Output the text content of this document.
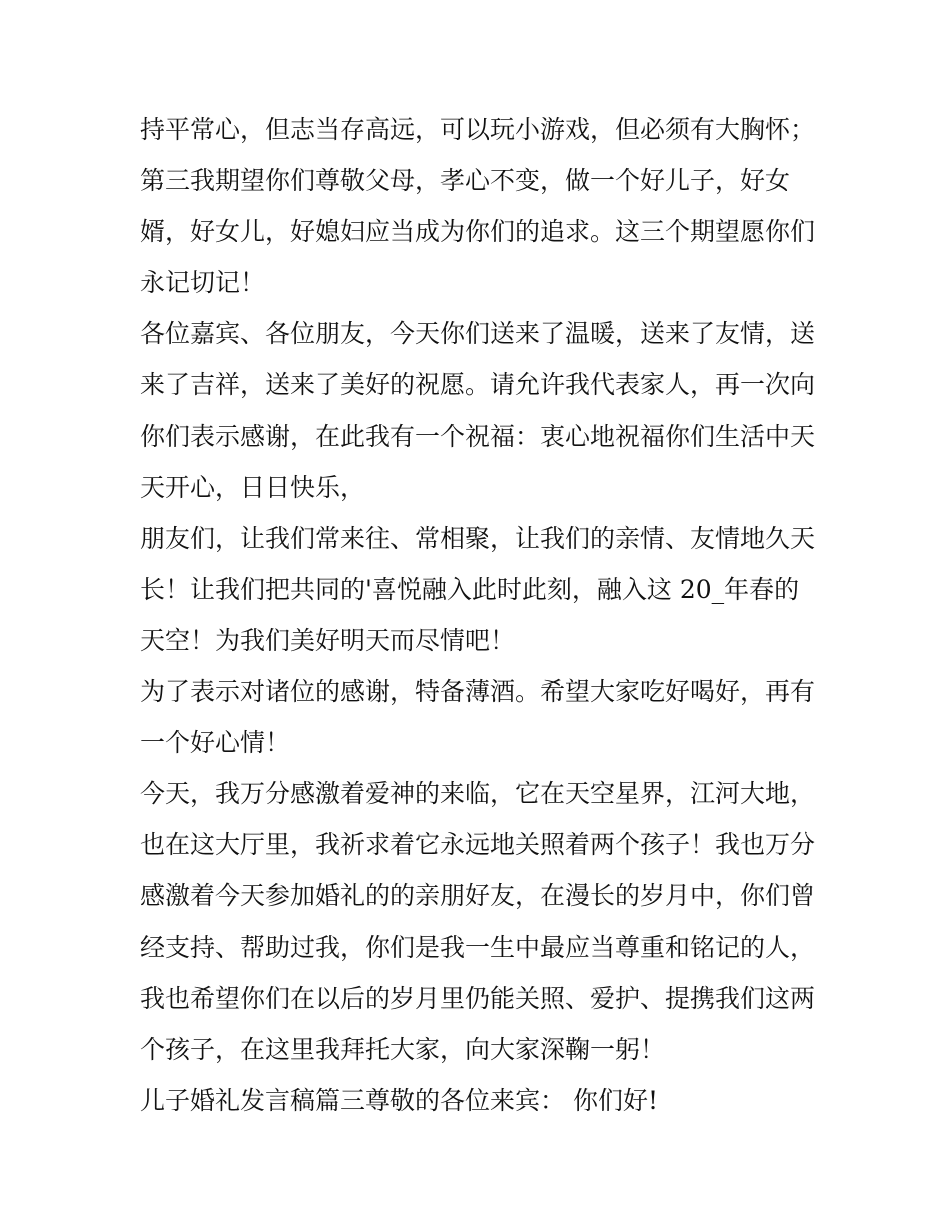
持平常心，但志当存高远，可以玩小游戏，但必须有大胸怀；
第三我期望你们尊敬父母，孝心不变，做一个好儿子，好女
婿，好女儿，好媳妇应当成为你们的追求。这三个期望愿你们
永记切记！
各位嘉宾、各位朋友，今天你们送来了温暖，送来了友情，送
来了吉祥，送来了美好的祝愿。请允许我代表家人，再一次向
你们表示感谢，在此我有一个祝福：衷心地祝福你们生活中天
天开心，日日快乐，
朋友们，让我们常来往、常相聚，让我们的亲情、友情地久天
长！让我们把共同的'喜悦融入此时此刻，融入这 20_年春的
天空！为我们美好明天而尽情吧！
为了表示对诸位的感谢，特备薄酒。希望大家吃好喝好，再有
一个好心情！
今天，我万分感激着爱神的来临，它在天空星界，江河大地，
也在这大厅里，我祈求着它永远地关照着两个孩子！我也万分
感激着今天参加婚礼的的亲朋好友，在漫长的岁月中，你们曾
经支持、帮助过我，你们是我一生中最应当尊重和铭记的人，
我也希望你们在以后的岁月里仍能关照、爱护、提携我们这两
个孩子，在这里我拜托大家，向大家深鞠一躬！
儿子婚礼发言稿篇三尊敬的各位来宾： 你们好!
